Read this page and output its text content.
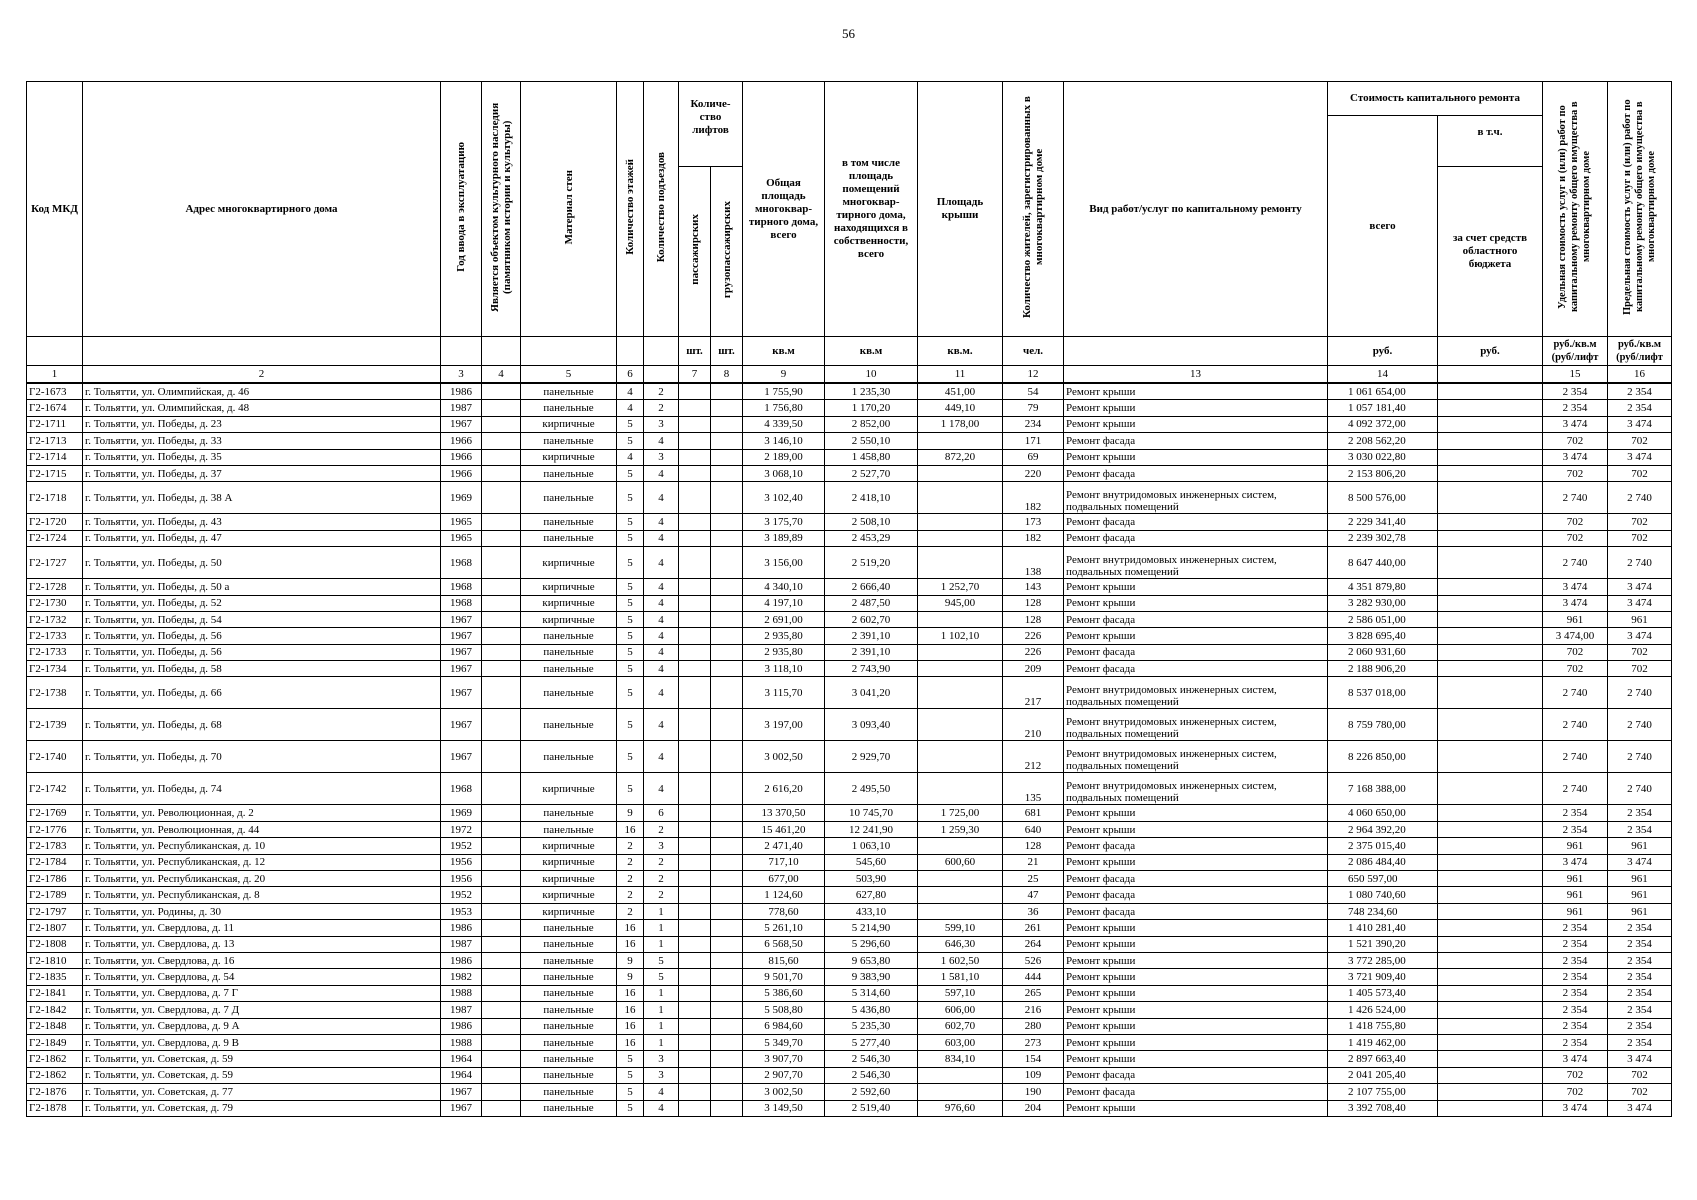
56
Код МКД	Адрес многоквартирного дома	Год ввода в эксплуатацию	Является объектом культурного наследия (памятником истории и культуры)	Материал стен	Количество этажей	Количество подъездов	Количе-ство лифтов		Общая площадь многоквар-тирного дома, всего	в том числе площадь помещений многоквар-тирного дома, находящихся в собственности, всего	Площадь крыши	Количество жителей, зарегистрированных в многоквартирном доме	Вид работ/услуг по капитальному ремонту	Стоимость капитального ремонта		Удельная стоимость услуг и (или) работ по капитальному ремонту общего имущества в многоквартирном доме	Предельная стоимость услуг и (или) работ по капитальному ремонту общего имущества в многоквартирном доме
														всего	в т.ч.		
							пассажирских	грузопассажирских							за счет средств областного бюджета		
							шт.	шт.	кв.м	кв.м	кв.м.	чел.		руб.	руб.	руб./кв.м (руб/лифт	руб./кв.м (руб/лифт
1	2	3	4	5	6		7	8	9	10	11	12	13	14		15	16
Г2-1673	г. Тольятти, ул. Олимпийская, д. 46	1986		панельные	4	2			1 755,90	1 235,30	451,00	54	Ремонт крыши	1 061 654,00		2 354	2 354
Г2-1674	г. Тольятти, ул. Олимпийская, д. 48	1987		панельные	4	2			1 756,80	1 170,20	449,10	79	Ремонт крыши	1 057 181,40		2 354	2 354
Г2-1711	г. Тольятти, ул. Победы, д. 23	1967		кирпичные	5	3			4 339,50	2 852,00	1 178,00	234	Ремонт крыши	4 092 372,00		3 474	3 474
Г2-1713	г. Тольятти, ул. Победы, д. 33	1966		панельные	5	4			3 146,10	2 550,10		171	Ремонт фасада	2 208 562,20		702	702
Г2-1714	г. Тольятти, ул. Победы, д. 35	1966		кирпичные	4	3			2 189,00	1 458,80	872,20	69	Ремонт крыши	3 030 022,80		3 474	3 474
Г2-1715	г. Тольятти, ул. Победы, д. 37	1966		панельные	5	4			3 068,10	2 527,70		220	Ремонт фасада	2 153 806,20		702	702
Г2-1718	г. Тольятти, ул. Победы, д. 38 А	1969		панельные	5	4			3 102,40	2 418,10		182	Ремонт внутридомовых инженерных систем, подвальных помещений	8 500 576,00		2 740	2 740
Г2-1720	г. Тольятти, ул. Победы, д. 43	1965		панельные	5	4			3 175,70	2 508,10		173	Ремонт фасада	2 229 341,40		702	702
Г2-1724	г. Тольятти, ул. Победы, д. 47	1965		панельные	5	4			3 189,89	2 453,29		182	Ремонт фасада	2 239 302,78		702	702
Г2-1727	г. Тольятти, ул. Победы, д. 50	1968		кирпичные	5	4			3 156,00	2 519,20		138	Ремонт внутридомовых инженерных систем, подвальных помещений	8 647 440,00		2 740	2 740
Г2-1728	г. Тольятти, ул. Победы, д. 50 а	1968		кирпичные	5	4			4 340,10	2 666,40	1 252,70	143	Ремонт крыши	4 351 879,80		3 474	3 474
Г2-1730	г. Тольятти, ул. Победы, д. 52	1968		кирпичные	5	4			4 197,10	2 487,50	945,00	128	Ремонт крыши	3 282 930,00		3 474	3 474
Г2-1732	г. Тольятти, ул. Победы, д. 54	1967		кирпичные	5	4			2 691,00	2 602,70		128	Ремонт фасада	2 586 051,00		961	961
Г2-1733	г. Тольятти, ул. Победы, д. 56	1967		панельные	5	4			2 935,80	2 391,10	1 102,10	226	Ремонт крыши	3 828 695,40		3 474,00	3 474
Г2-1733	г. Тольятти, ул. Победы, д. 56	1967		панельные	5	4			2 935,80	2 391,10		226	Ремонт фасада	2 060 931,60		702	702
Г2-1734	г. Тольятти, ул. Победы, д. 58	1967		панельные	5	4			3 118,10	2 743,90		209	Ремонт фасада	2 188 906,20		702	702
Г2-1738	г. Тольятти, ул. Победы, д. 66	1967		панельные	5	4			3 115,70	3 041,20		217	Ремонт внутридомовых инженерных систем, подвальных помещений	8 537 018,00		2 740	2 740
Г2-1739	г. Тольятти, ул. Победы, д. 68	1967		панельные	5	4			3 197,00	3 093,40		210	Ремонт внутридомовых инженерных систем, подвальных помещений	8 759 780,00		2 740	2 740
Г2-1740	г. Тольятти, ул. Победы, д. 70	1967		панельные	5	4			3 002,50	2 929,70		212	Ремонт внутридомовых инженерных систем, подвальных помещений	8 226 850,00		2 740	2 740
Г2-1742	г. Тольятти, ул. Победы, д. 74	1968		кирпичные	5	4			2 616,20	2 495,50		135	Ремонт внутридомовых инженерных систем, подвальных помещений	7 168 388,00		2 740	2 740
Г2-1769	г. Тольятти, ул. Революционная, д. 2	1969		панельные	9	6			13 370,50	10 745,70	1 725,00	681	Ремонт крыши	4 060 650,00		2 354	2 354
Г2-1776	г. Тольятти, ул. Революционная, д. 44	1972		панельные	16	2			15 461,20	12 241,90	1 259,30	640	Ремонт крыши	2 964 392,20		2 354	2 354
Г2-1783	г. Тольятти, ул. Республиканская, д. 10	1952		кирпичные	2	3			2 471,40	1 063,10		128	Ремонт фасада	2 375 015,40		961	961
Г2-1784	г. Тольятти, ул. Республиканская, д. 12	1956		кирпичные	2	2			717,10	545,60	600,60	21	Ремонт крыши	2 086 484,40		3 474	3 474
Г2-1786	г. Тольятти, ул. Республиканская, д. 20	1956		кирпичные	2	2			677,00	503,90		25	Ремонт фасада	650 597,00		961	961
Г2-1789	г. Тольятти, ул. Республиканская, д. 8	1952		кирпичные	2	2			1 124,60	627,80		47	Ремонт фасада	1 080 740,60		961	961
Г2-1797	г. Тольятти, ул. Родины, д. 30	1953		кирпичные	2	1			778,60	433,10		36	Ремонт фасада	748 234,60		961	961
Г2-1807	г. Тольятти, ул. Свердлова, д. 11	1986		панельные	16	1			5 261,10	5 214,90	599,10	261	Ремонт крыши	1 410 281,40		2 354	2 354
Г2-1808	г. Тольятти, ул. Свердлова, д. 13	1987		панельные	16	1			6 568,50	5 296,60	646,30	264	Ремонт крыши	1 521 390,20		2 354	2 354
Г2-1810	г. Тольятти, ул. Свердлова, д. 16	1986		панельные	9	5			815,60	9 653,80	1 602,50	526	Ремонт крыши	3 772 285,00		2 354	2 354
Г2-1835	г. Тольятти, ул. Свердлова, д. 54	1982		панельные	9	5			9 501,70	9 383,90	1 581,10	444	Ремонт крыши	3 721 909,40		2 354	2 354
Г2-1841	г. Тольятти, ул. Свердлова, д. 7 Г	1988		панельные	16	1			5 386,60	5 314,60	597,10	265	Ремонт крыши	1 405 573,40		2 354	2 354
Г2-1842	г. Тольятти, ул. Свердлова, д. 7 Д	1987		панельные	16	1			5 508,80	5 436,80	606,00	216	Ремонт крыши	1 426 524,00		2 354	2 354
Г2-1848	г. Тольятти, ул. Свердлова, д. 9 А	1986		панельные	16	1			6 984,60	5 235,30	602,70	280	Ремонт крыши	1 418 755,80		2 354	2 354
Г2-1849	г. Тольятти, ул. Свердлова, д. 9 В	1988		панельные	16	1			5 349,70	5 277,40	603,00	273	Ремонт крыши	1 419 462,00		2 354	2 354
Г2-1862	г. Тольятти, ул. Советская, д. 59	1964		панельные	5	3			3 907,70	2 546,30	834,10	154	Ремонт крыши	2 897 663,40		3 474	3 474
Г2-1862	г. Тольятти, ул. Советская, д. 59	1964		панельные	5	3			2 907,70	2 546,30		109	Ремонт фасада	2 041 205,40		702	702
Г2-1876	г. Тольятти, ул. Советская, д. 77	1967		панельные	5	4			3 002,50	2 592,60		190	Ремонт фасада	2 107 755,00		702	702
Г2-1878	г. Тольятти, ул. Советская, д. 79	1967		панельные	5	4			3 149,50	2 519,40	976,60	204	Ремонт крыши	3 392 708,40		3 474	3 474
